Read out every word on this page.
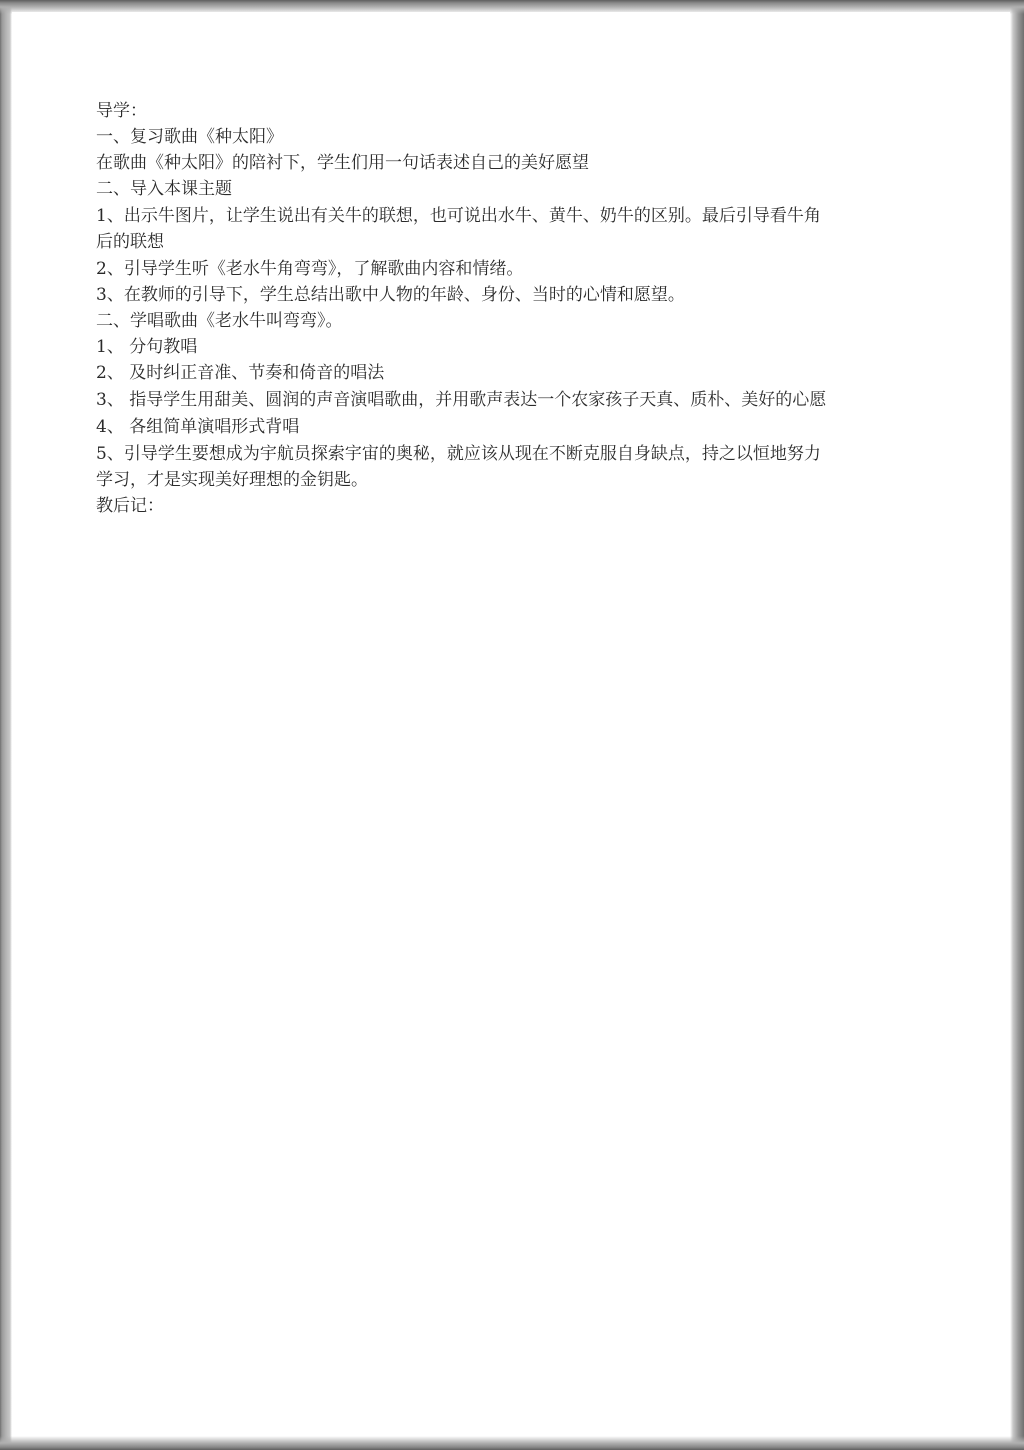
导学：

一、复习歌曲《种太阳》

在歌曲《种太阳》的陪衬下，学生们用一句话表述自己的美好愿望

二、导入本课主题

1、出示牛图片，让学生说出有关牛的联想，也可说出水牛、黄牛、奶牛的区别。最后引导看牛角后的联想

2、引导学生听《老水牛角弯弯》，了解歌曲内容和情绪。

3、在教师的引导下，学生总结出歌中人物的年龄、身份、当时的心情和愿望。

二、学唱歌曲《老水牛叫弯弯》。

1、 分句教唱

2、 及时纠正音准、节奏和倚音的唱法

3、 指导学生用甜美、圆润的声音演唱歌曲，并用歌声表达一个农家孩子天真、质朴、美好的心愿

4、 各组简单演唱形式背唱

5、引导学生要想成为宇航员探索宇宙的奥秘，就应该从现在不断克服自身缺点，持之以恒地努力学习，才是实现美好理想的金钥匙。

教后记：
